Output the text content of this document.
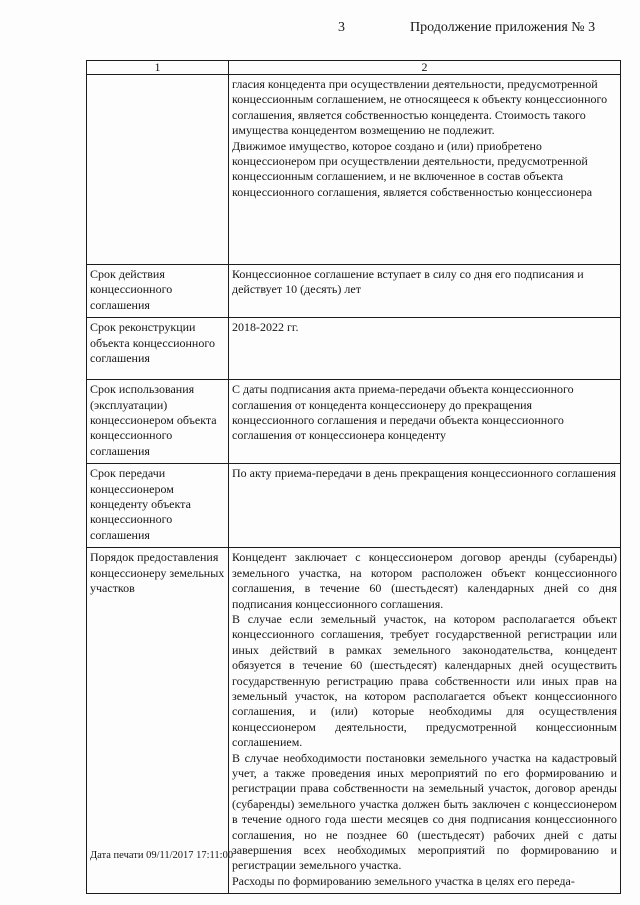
3	Продолжение приложения № 3
1	2

	гласия концедента при осуществлении деятельности, предусмотренной концессионным соглашением, не относящееся к объекту концессионного соглашения, является собственностью концедента. Стоимость такого имущества концедентом возмещению не подлежит.

Движимое имущество, которое создано и (или) приобретено концессионером при осуществлении деятельности, предусмотренной концессионным соглашением, и не включенное в состав объекта концессионного соглашения, является собственностью концессионера

Срок действия концессионного соглашения	Концессионное соглашение вступает в силу со дня его подписания и действует 10 (десять) лет

Срок реконструкции объекта концессионного соглашения	2018-2022 гг.

Срок использования (эксплуатации) концессионером объекта концессионного соглашения	С даты подписания акта приема-передачи объекта концессионного соглашения от концедента концессионеру до прекращения концессионного соглашения и передачи объекта концессионного соглашения от концессионера концеденту

Срок передачи концессионером концеденту объекта концессионного соглашения	По акту приема-передачи в день прекращения концессионного соглашения

Порядок предоставления концессионеру земельных участков	Концедент заключает с концессионером договор аренды (субаренды) земельного участка, на котором расположен объект концессионного соглашения, в течение 60 (шестьдесят) календарных дней со дня подписания концессионного соглашения.

В случае если земельный участок, на котором располагается объект концессионного соглашения, требует государственной регистрации или иных действий в рамках земельного законодательства, концедент обязуется в течение 60 (шестьдесят) календарных дней осуществить государственную регистрацию права собственности или иных прав на земельный участок, на котором располагается объект концессионного соглашения, и (или) которые необходимы для осуществления концессионером деятельности, предусмотренной концессионным соглашением.

В случае необходимости постановки земельного участка на кадастровый учет, а также проведения иных мероприятий по его формированию и регистрации права собственности на земельный участок, договор аренды (субаренды) земельного участка должен быть заключен с концессионером в течение одного года шести месяцев со дня подписания концессионного соглашения, но не позднее 60 (шестьдесят) рабочих дней с даты завершения всех необходимых мероприятий по формированию и регистрации земельного участка.

Расходы по формированию земельного участка в целях его переда-

Дата печати 09/11/2017 17:11:00
